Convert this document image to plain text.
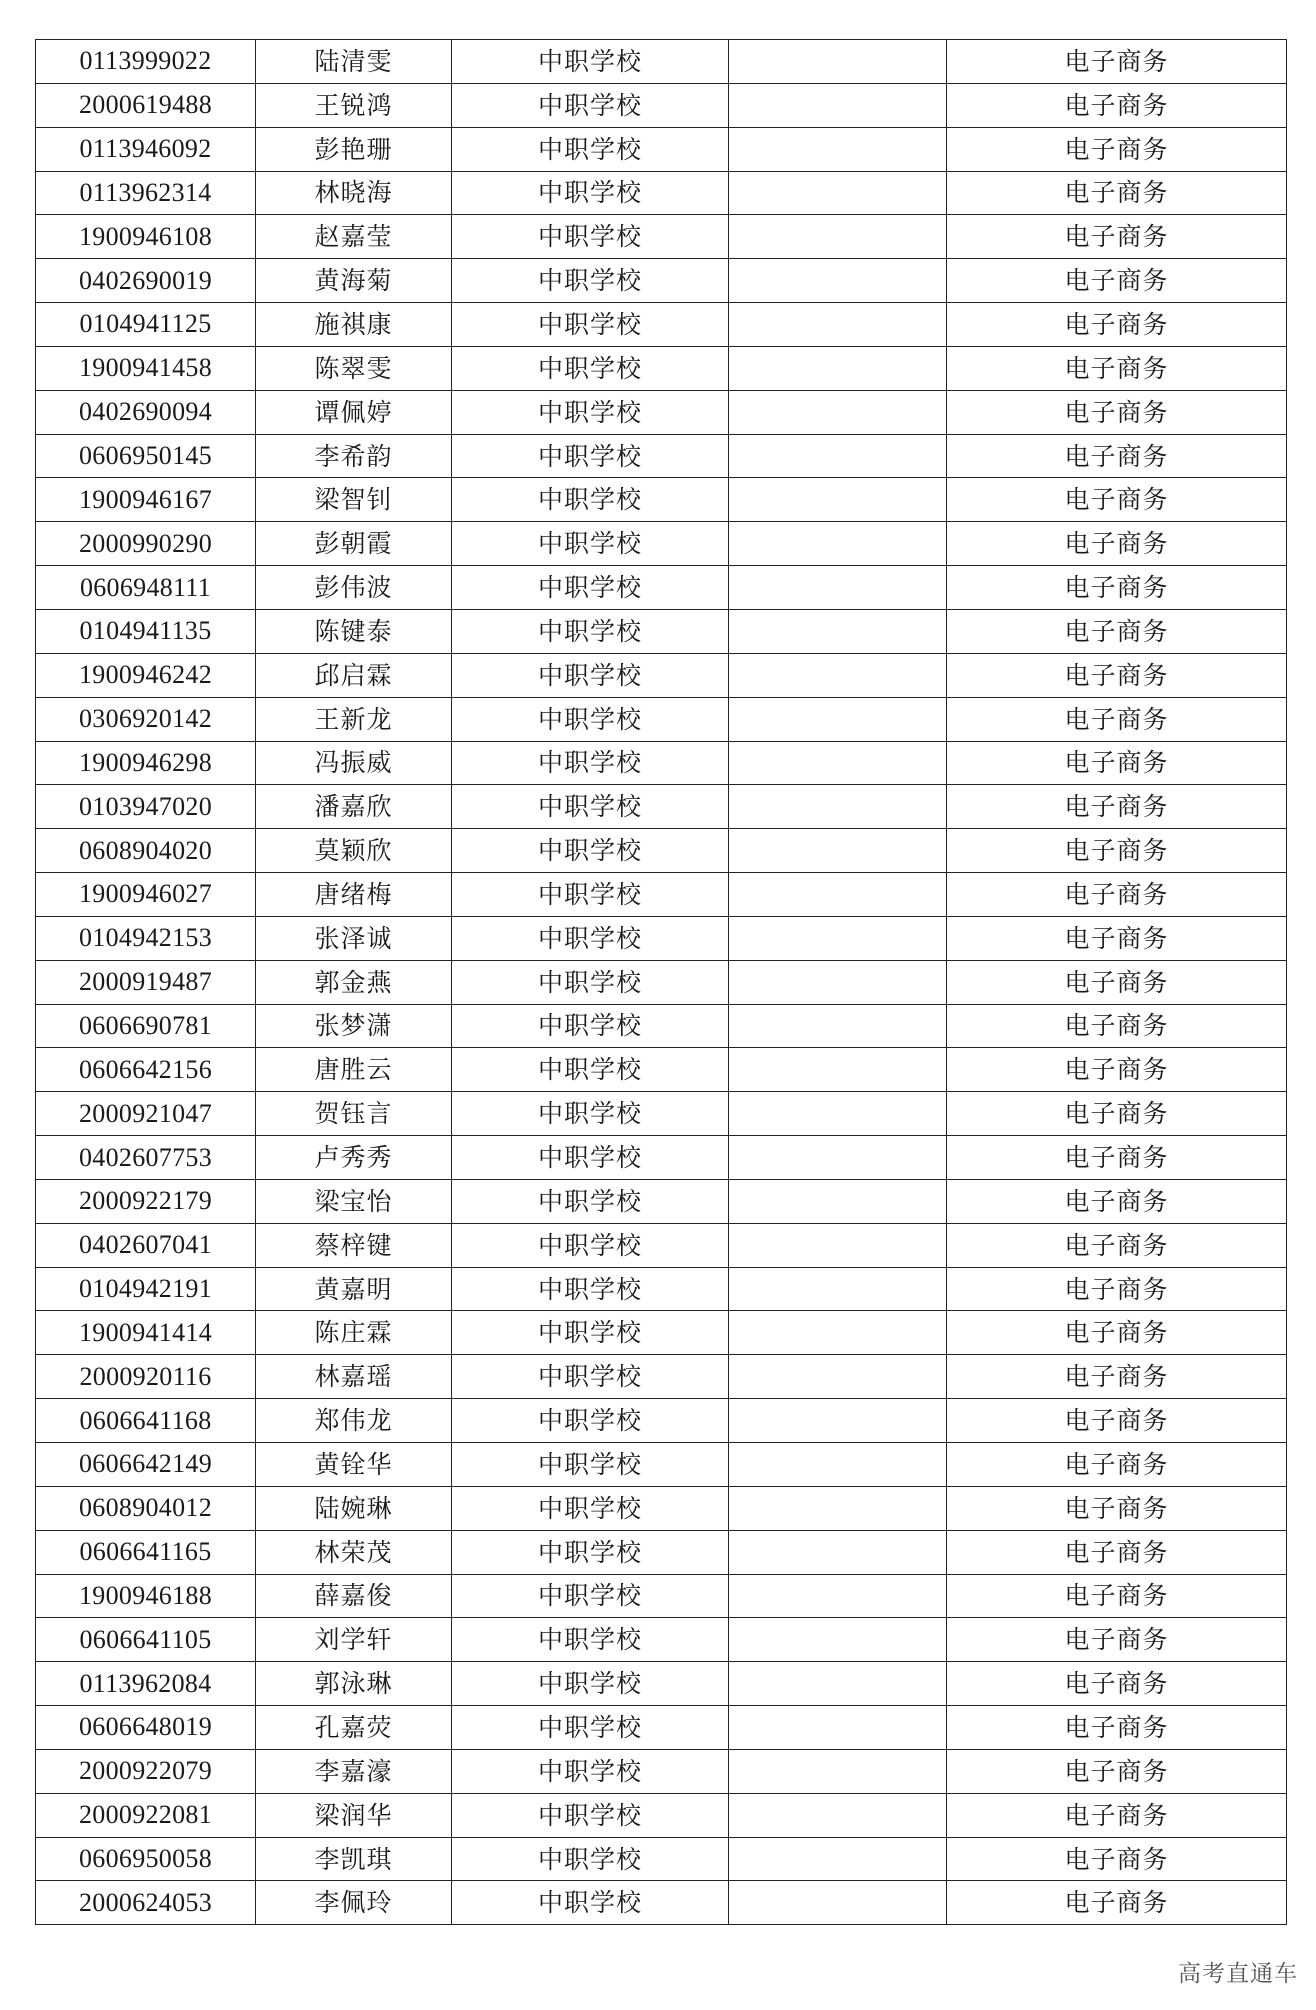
0113999022	陆清雯	中职学校		电子商务
2000619488	王锐鸿	中职学校		电子商务
0113946092	彭艳珊	中职学校		电子商务
0113962314	林晓海	中职学校		电子商务
1900946108	赵嘉莹	中职学校		电子商务
0402690019	黄海菊	中职学校		电子商务
0104941125	施祺康	中职学校		电子商务
1900941458	陈翠雯	中职学校		电子商务
0402690094	谭佩婷	中职学校		电子商务
0606950145	李希韵	中职学校		电子商务
1900946167	梁智钊	中职学校		电子商务
2000990290	彭朝霞	中职学校		电子商务
0606948111	彭伟波	中职学校		电子商务
0104941135	陈键泰	中职学校		电子商务
1900946242	邱启霖	中职学校		电子商务
0306920142	王新龙	中职学校		电子商务
1900946298	冯振威	中职学校		电子商务
0103947020	潘嘉欣	中职学校		电子商务
0608904020	莫颖欣	中职学校		电子商务
1900946027	唐绪梅	中职学校		电子商务
0104942153	张泽诚	中职学校		电子商务
2000919487	郭金燕	中职学校		电子商务
0606690781	张梦潇	中职学校		电子商务
0606642156	唐胜云	中职学校		电子商务
2000921047	贺钰言	中职学校		电子商务
0402607753	卢秀秀	中职学校		电子商务
2000922179	梁宝怡	中职学校		电子商务
0402607041	蔡梓键	中职学校		电子商务
0104942191	黄嘉明	中职学校		电子商务
1900941414	陈庄霖	中职学校		电子商务
2000920116	林嘉瑶	中职学校		电子商务
0606641168	郑伟龙	中职学校		电子商务
0606642149	黄铨华	中职学校		电子商务
0608904012	陆婉琳	中职学校		电子商务
0606641165	林荣茂	中职学校		电子商务
1900946188	薛嘉俊	中职学校		电子商务
0606641105	刘学轩	中职学校		电子商务
0113962084	郭泳琳	中职学校		电子商务
0606648019	孔嘉荧	中职学校		电子商务
2000922079	李嘉濠	中职学校		电子商务
2000922081	梁润华	中职学校		电子商务
0606950058	李凯琪	中职学校		电子商务
2000624053	李佩玲	中职学校		电子商务
高考直通车
